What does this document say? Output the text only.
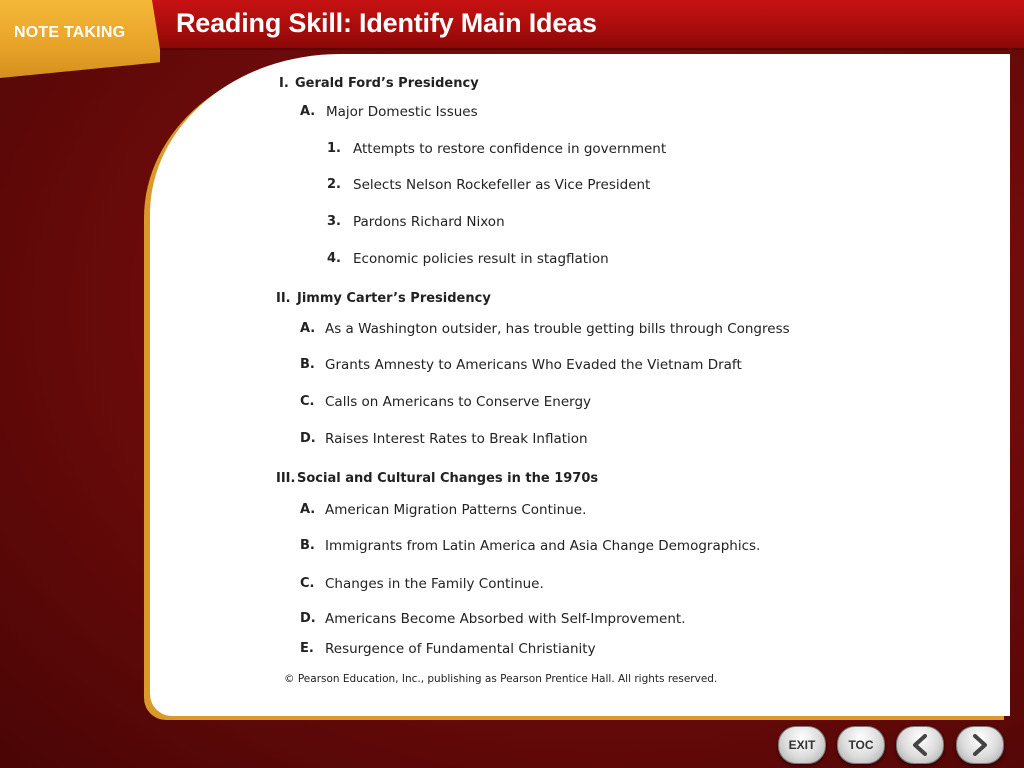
NOTE TAKING Reading Skill: Identify Main Ideas
I. Gerald Ford’s Presidency
A. Major Domestic Issues
1. Attempts to restore confidence in government
2. Selects Nelson Rockefeller as Vice President
3. Pardons Richard Nixon
4. Economic policies result in stagflation
II. Jimmy Carter’s Presidency
A. As a Washington outsider, has trouble getting bills through Congress
B. Grants Amnesty to Americans Who Evaded the Vietnam Draft
C. Calls on Americans to Conserve Energy
D. Raises Interest Rates to Break Inflation
III. Social and Cultural Changes in the 1970s
A. American Migration Patterns Continue.
B. Immigrants from Latin America and Asia Change Demographics.
C. Changes in the Family Continue.
D. Americans Become Absorbed with Self-Improvement.
E. Resurgence of Fundamental Christianity
© Pearson Education, Inc., publishing as Pearson Prentice Hall. All rights reserved.
EXIT	TOC
